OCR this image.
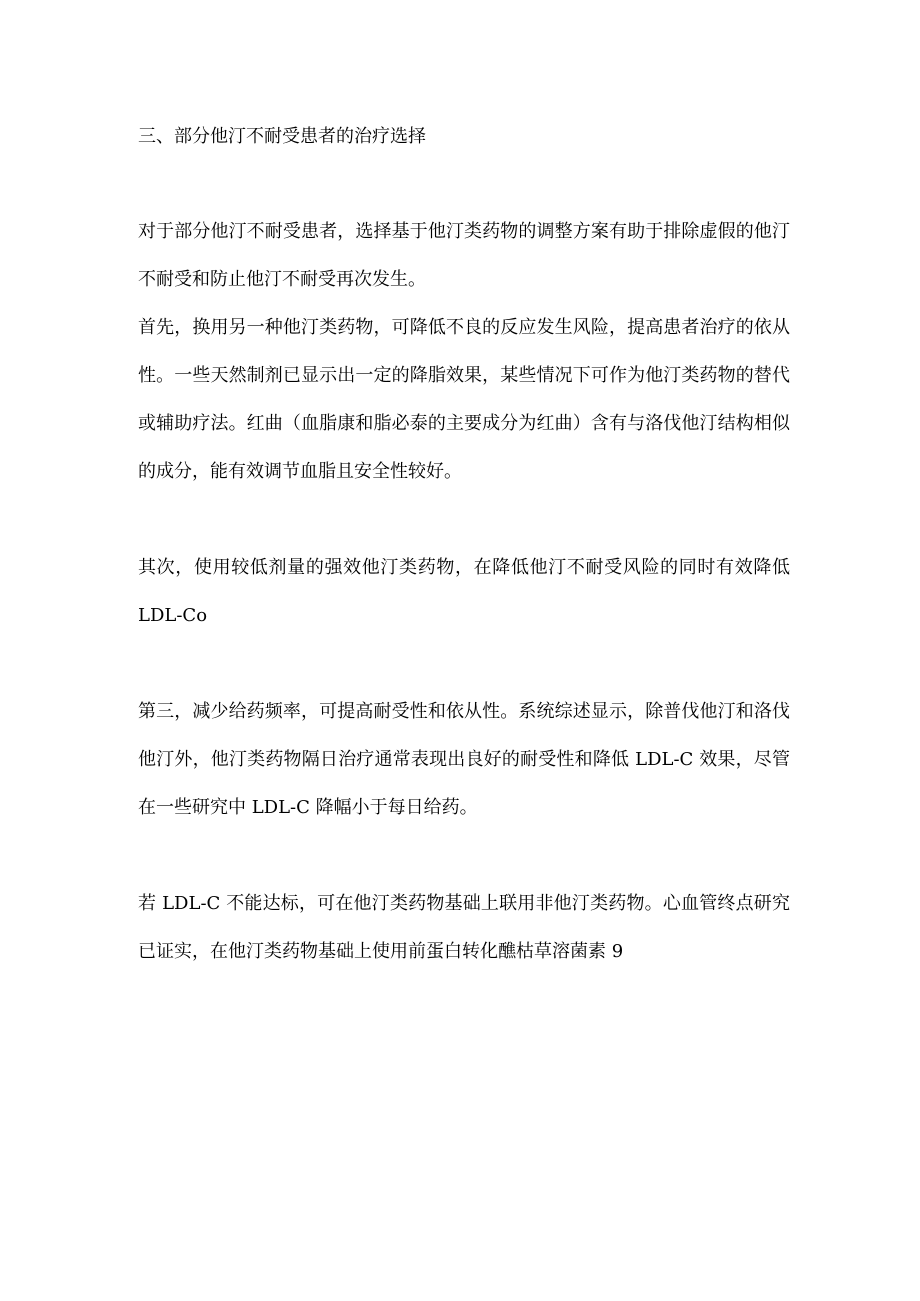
三、部分他汀不耐受患者的治疗选择

对于部分他汀不耐受患者，选择基于他汀类药物的调整方案有助于排除虚假的他汀不耐受和防止他汀不耐受再次发生。

首先，换用另一种他汀类药物，可降低不良的反应发生风险，提高患者治疗的依从性。一些天然制剂已显示出一定的降脂效果，某些情况下可作为他汀类药物的替代或辅助疗法。红曲（血脂康和脂必泰的主要成分为红曲）含有与洛伐他汀结构相似的成分，能有效调节血脂且安全性较好。

其次，使用较低剂量的强效他汀类药物，在降低他汀不耐受风险的同时有效降低LDL-Co

第三，减少给药频率，可提高耐受性和依从性。系统综述显示，除普伐他汀和洛伐他汀外，他汀类药物隔日治疗通常表现出良好的耐受性和降低 LDL-C 效果，尽管在一些研究中 LDL-C 降幅小于每日给药。

若 LDL-C 不能达标，可在他汀类药物基础上联用非他汀类药物。心血管终点研究已证实，在他汀类药物基础上使用前蛋白转化醮枯草溶菌素 9
